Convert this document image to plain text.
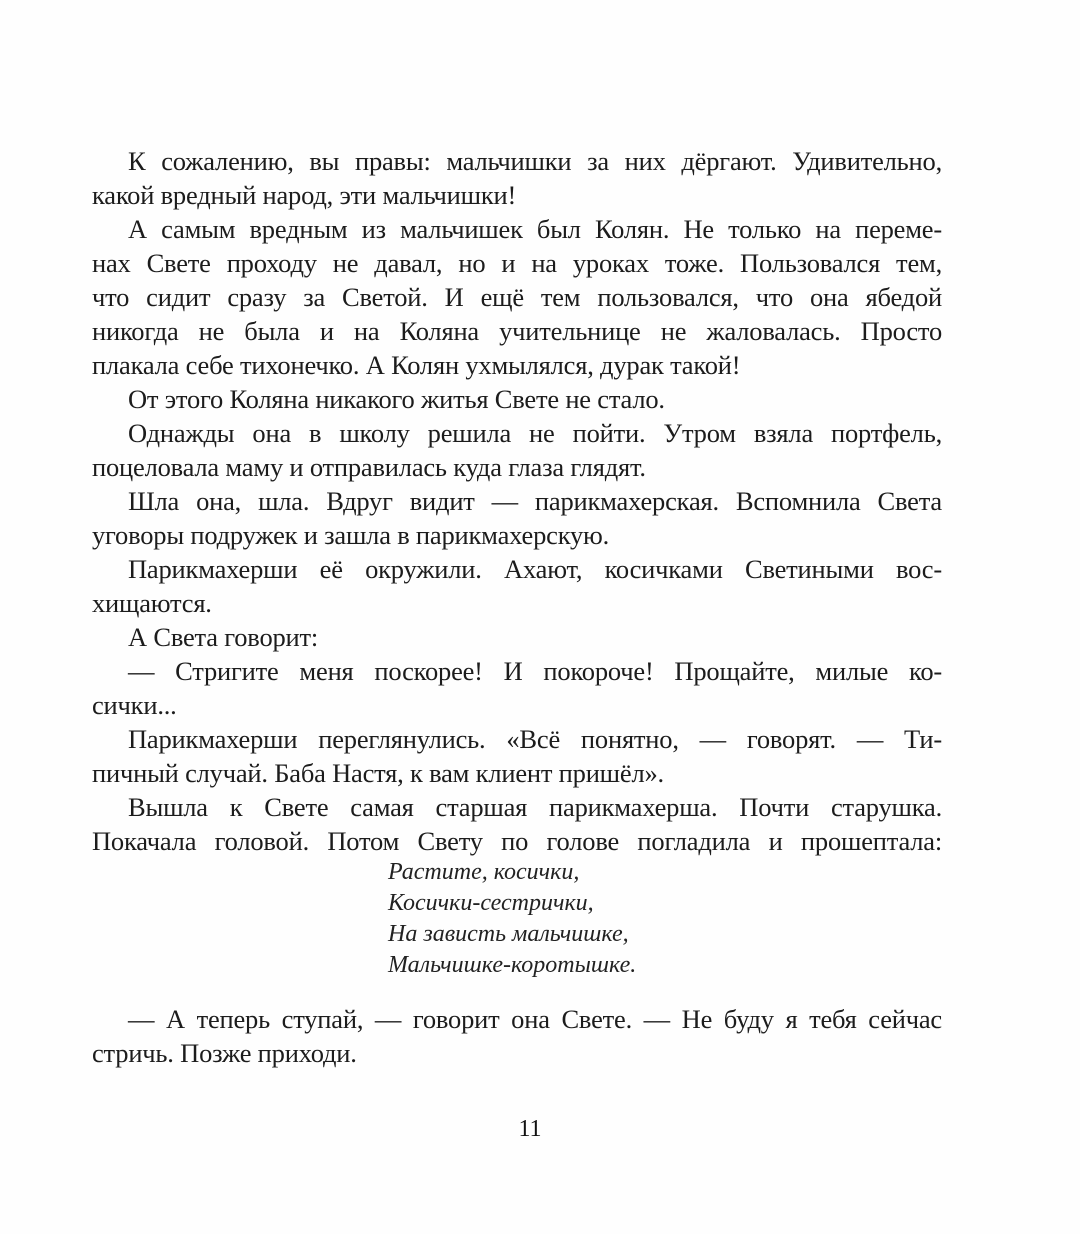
К сожалению, вы правы: мальчишки за них дёргают. Удивительно,
какой вредный народ, эти мальчишки!
А самым вредным из мальчишек был Колян. Не только на переме-
нах Свете проходу не давал, но и на уроках тоже. Пользовался тем,
что сидит сразу за Светой. И ещё тем пользовался, что она ябедой
никогда не была и на Коляна учительнице не жаловалась. Просто
плакала себе тихонечко. А Колян ухмылялся, дурак такой!
От этого Коляна никакого житья Свете не стало.
Однажды она в школу решила не пойти. Утром взяла портфель,
поцеловала маму и отправилась куда глаза глядят.
Шла она, шла. Вдруг видит — парикмахерская. Вспомнила Света
уговоры подружек и зашла в парикмахерскую.
Парикмахерши её окружили. Ахают, косичками Светиными вос-
хищаются.
А Света говорит:
— Стригите меня поскорее! И покороче! Прощайте, милые ко-
сички...
Парикмахерши переглянулись. «Всё понятно, — говорят. — Ти-
пичный случай. Баба Настя, к вам клиент пришёл».
Вышла к Свете самая старшая парикмахерша. Почти старушка.
Покачала головой. Потом Свету по голове погладила и прошептала:
Растите, косички,
Косички-сестрички,
На зависть мальчишке,
Мальчишке-коротышке.
— А теперь ступай, — говорит она Свете. — Не буду я тебя сейчас
стричь. Позже приходи.
11
